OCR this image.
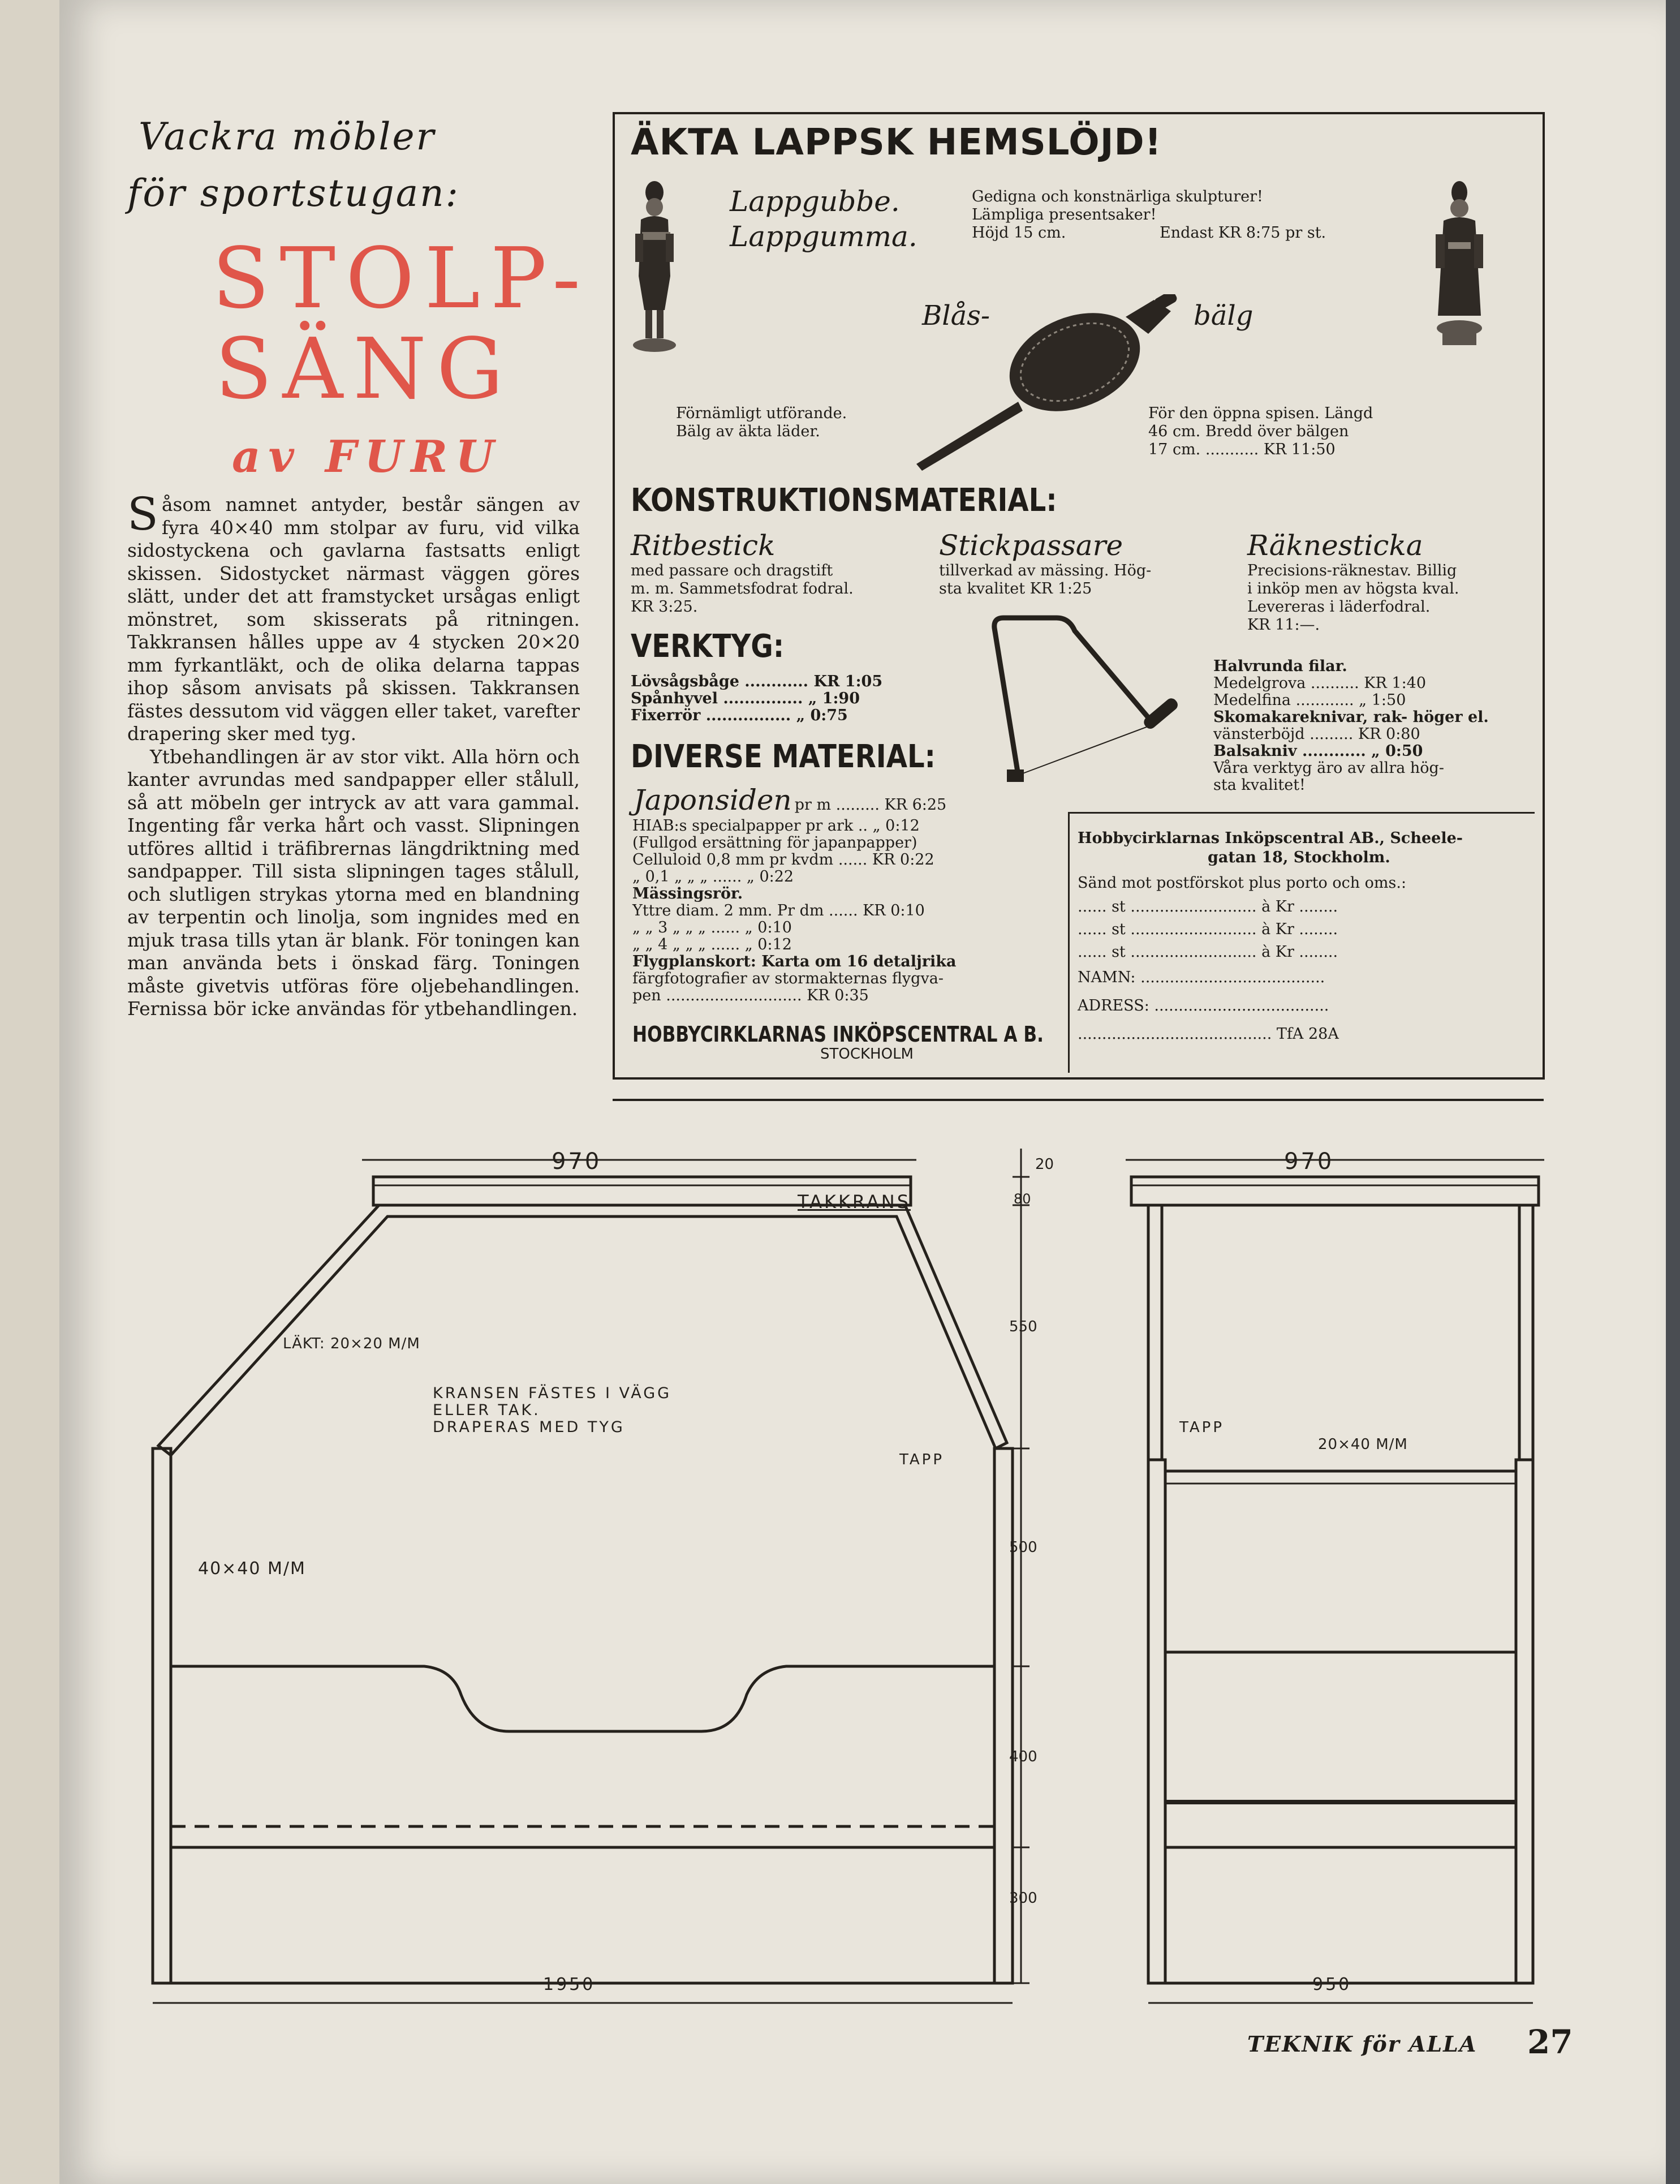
Vackra möbler
för sportstugan:
STOLP-
SÄNG
av FURU

Såsom namnet antyder, består sängen av fyra 40×40 mm stolpar av furu, vid vilka sidostyckena och gavlarna fastsatts enligt skissen. Sidostycket närmast väggen göres slätt, under det att framstycket ursågas enligt mönstret, som skisserats på ritningen. Takkransen hålles uppe av 4 stycken 20×20 mm fyrkantläkt, och de olika delarna tappas ihop såsom anvisats på skissen. Takkransen fästes dessutom vid väggen eller taket, varefter drapering sker med tyg.

Ytbehandlingen är av stor vikt. Alla hörn och kanter avrundas med sandpapper eller stålull, så att möbeln ger intryck av att vara gammal. Ingenting får verka hårt och vasst. Slipningen utföres alltid i träfibrernas längdriktning med sandpapper. Till sista slipningen tages stålull, och slutligen strykas ytorna med en blandning av terpentin och linolja, som ingnides med en mjuk trasa tills ytan är blank. För toningen kan man använda bets i önskad färg. Toningen måste givetvis utföras före oljebehandlingen. Fernissa bör icke användas för ytbehandlingen.

ÄKTA LAPPSK HEMSLÖJD!
Lappgubbe.
Lappgumma.
Gedigna och konstnärliga skulpturer!
Lämpliga presentsaker!
Höjd 15 cm.	Endast KR 8:75 pr st.
Blås-	bälg
Förnämligt utförande.
Bälg av äkta läder.
För den öppna spisen. Längd
46 cm. Bredd över bälgen
17 cm. ........... KR 11:50
KONSTRUKTIONSMATERIAL:
Ritbestick
med passare och dragstift
m. m. Sammetsfodrat fodral.
KR 3:25.
Stickpassare
tillverkad av mässing. Hög-
sta kvalitet KR 1:25
Räknesticka
Precisions-räknestav. Billig
i inköp men av högsta kval.
Levereras i läderfodral.
KR 11:—.
VERKTYG:
Lövsågsbåge ............ KR 1:05
Spånhyvel ............... „ 1:90
Fixerrör ................ „ 0:75
Halvrunda filar.
Medelgrova .......... KR 1:40
Medelfina ............ „ 1:50
Skomakareknivar, rak- höger el.
vänsterböjd ......... KR 0:80
Balsakniv ............ „ 0:50
Våra verktyg äro av allra hög-
sta kvalitet!
DIVERSE MATERIAL:
Japonsiden pr m ......... KR 6:25
HIAB:s specialpapper pr ark .. „ 0:12
(Fullgod ersättning för japanpapper)
Celluloid 0,8 mm pr kvdm ...... KR 0:22
„ 0,1 „ „ „ ...... „ 0:22
Mässingsrör.
Yttre diam. 2 mm. Pr dm ...... KR 0:10
„ „ 3 „ „ „ ...... „ 0:10
„ „ 4 „ „ „ ...... „ 0:12
Flygplanskort: Karta om 16 detaljrika
färgfotografier av stormakternas flygva-
pen ............................ KR 0:35
HOBBYCIRKLARNAS INKÖPSCENTRAL A B.
STOCKHOLM
Hobbycirklarnas Inköpscentral AB., Scheele-
gatan 18, Stockholm.
Sänd mot postförskot plus porto och oms.:
...... st .......................... à Kr ........
...... st .......................... à Kr ........
...... st .......................... à Kr ........
NAMN: ......................................
ADRESS: ....................................
........................................ TfA 28A
970
TAKKRANS
LÄKT: 20×20 M/M
KRANSEN FÄSTES I VÄGG
ELLER TAK.
DRAPERAS MED TYG
TAPP
40×40 M/M
1950
20
80
550
500
400
300
970
TAPP
20×40 M/M
950
TEKNIK för ALLA 27
